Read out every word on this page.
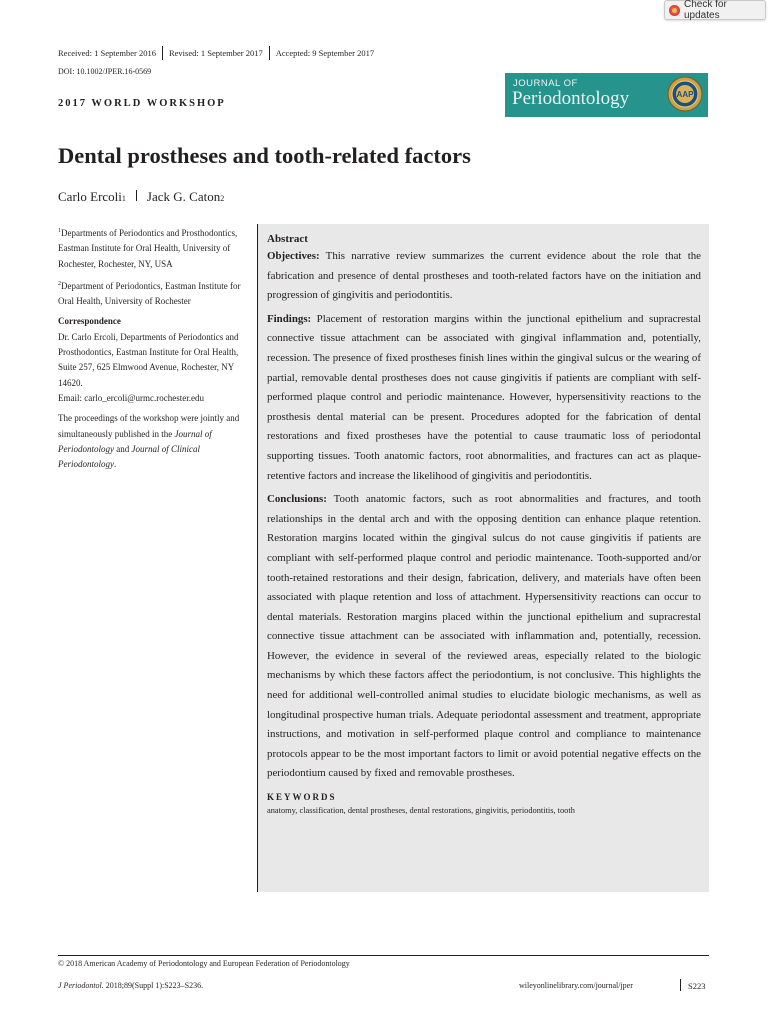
Check for updates
Received: 1 September 2016 Revised: 1 September 2017 Accepted: 9 September 2017
DOI: 10.1002/JPER.16-0569
2017 WORLD WORKSHOP
JOURNAL OF
Periodontology	AAP
Dental prostheses and tooth-related factors
Carlo Ercoli 1 Jack G. Caton 2

$^1$Departments of Periodontics and Prosthodontics, Eastman Institute for Oral Health, University of Rochester, Rochester, NY, USA

$^2$Department of Periodontics, Eastman Institute for Oral Health, University of Rochester

Correspondence

Dr. Carlo Ercoli, Departments of Periodontics and Prosthodontics, Eastman Institute for Oral Health, Suite 257, 625 Elmwood Avenue, Rochester, NY 14620.

Email: carlo_ercoli@urmc.rochester.edu

The proceedings of the workshop were jointly and simultaneously published in the Journal of Periodontology and Journal of Clinical Periodontology.

Abstract

Objectives: This narrative review summarizes the current evidence about the role that the fabrication and presence of dental prostheses and tooth-related factors have on the initiation and progression of gingivitis and periodontitis.

Findings: Placement of restoration margins within the junctional epithelium and supracrestal connective tissue attachment can be associated with gingival inflammation and, potentially, recession. The presence of fixed prostheses finish lines within the gingival sulcus or the wearing of partial, removable dental prostheses does not cause gingivitis if patients are compliant with self-performed plaque control and periodic maintenance. However, hypersensitivity reactions to the prosthesis dental material can be present. Procedures adopted for the fabrication of dental restorations and fixed prostheses have the potential to cause traumatic loss of periodontal supporting tissues. Tooth anatomic factors, root abnormalities, and fractures can act as plaque-retentive factors and increase the likelihood of gingivitis and periodontitis.

Conclusions: Tooth anatomic factors, such as root abnormalities and fractures, and tooth relationships in the dental arch and with the opposing dentition can enhance plaque retention. Restoration margins located within the gingival sulcus do not cause gingivitis if patients are compliant with self-performed plaque control and periodic maintenance. Tooth-supported and/or tooth-retained restorations and their design, fabrication, delivery, and materials have often been associated with plaque retention and loss of attachment. Hypersensitivity reactions can occur to dental materials. Restoration margins placed within the junctional epithelium and supracrestal connective tissue attachment can be associated with inflammation and, potentially, recession. However, the evidence in several of the reviewed areas, especially related to the biologic mechanisms by which these factors affect the periodontium, is not conclusive. This highlights the need for additional well-controlled animal studies to elucidate biologic mechanisms, as well as longitudinal prospective human trials. Adequate periodontal assessment and treatment, appropriate instructions, and motivation in self-performed plaque control and compliance to maintenance protocols appear to be the most important factors to limit or avoid potential negative effects on the periodontium caused by fixed and removable prostheses.

KEYWORDS
anatomy, classification, dental prostheses, dental restorations, gingivitis, periodontitis, tooth
© 2018 American Academy of Periodontology and European Federation of Periodontology
J Periodontol. 2018;89(Suppl 1):S223–S236.	wileyonlinelibrary.com/journal/jper	S223
